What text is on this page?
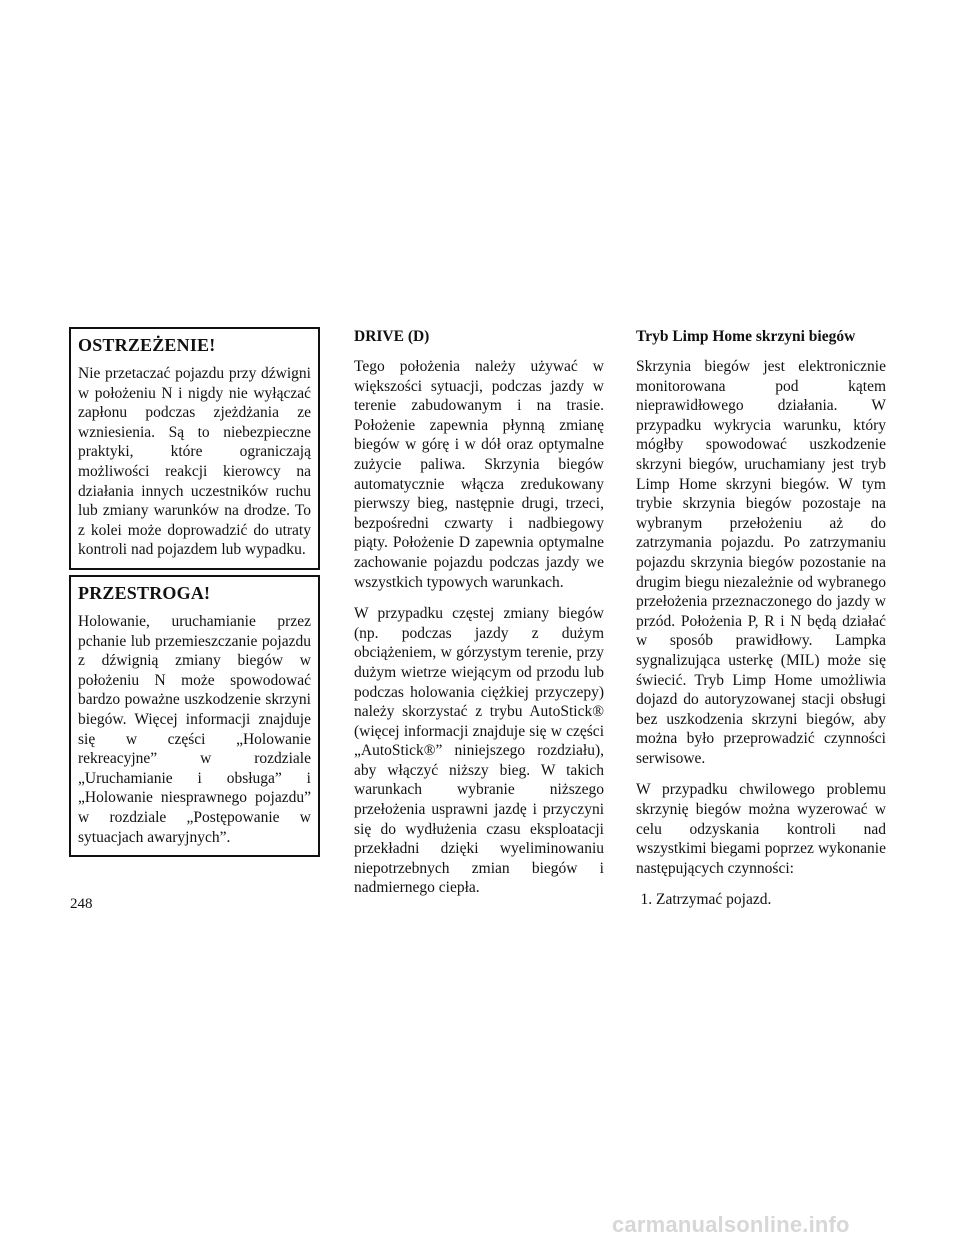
OSTRZEŻENIE!

Nie przetaczać pojazdu przy dźwigni w położeniu N i nigdy nie wyłączać zapłonu podczas zjeżdżania ze wzniesienia. Są to niebezpieczne praktyki, które ograniczają możliwości reakcji kierowcy na działania innych uczestników ruchu lub zmiany warunków na drodze. To z kolei może doprowadzić do utraty kontroli nad pojazdem lub wypadku.

PRZESTROGA!

Holowanie, uruchamianie przez pchanie lub przemieszczanie pojazdu z dźwignią zmiany biegów w położeniu N może spowodować bardzo poważne uszkodzenie skrzyni biegów. Więcej informacji znajduje się w części „Holowanie rekreacyjne” w rozdziale „Uruchamianie i obsługa” i „Holowanie niesprawnego pojazdu” w rozdziale „Postępowanie w sytuacjach awaryjnych”.

DRIVE (D)

Tego położenia należy używać w większości sytuacji, podczas jazdy w terenie zabudowanym i na trasie. Położenie zapewnia płynną zmianę biegów w górę i w dół oraz optymalne zużycie paliwa. Skrzynia biegów automatycznie włącza zredukowany pierwszy bieg, następnie drugi, trzeci, bezpośredni czwarty i nadbiegowy piąty. Położenie D zapewnia optymalne zachowanie pojazdu podczas jazdy we wszystkich typowych warunkach.

W przypadku częstej zmiany biegów (np. podczas jazdy z dużym obciążeniem, w górzystym terenie, przy dużym wietrze wiejącym od przodu lub podczas holowania ciężkiej przyczepy) należy skorzystać z trybu AutoStick® (więcej informacji znajduje się w części „AutoStick®” niniejszego rozdziału), aby włączyć niższy bieg. W takich warunkach wybranie niższego przełożenia usprawni jazdę i przyczyni się do wydłużenia czasu eksploatacji przekładni dzięki wyeliminowaniu niepotrzebnych zmian biegów i nadmiernego ciepła.

Tryb Limp Home skrzyni biegów

Skrzynia biegów jest elektronicznie monitorowana pod kątem nieprawidłowego działania. W przypadku wykrycia warunku, który mógłby spowodować uszkodzenie skrzyni biegów, uruchamiany jest tryb Limp Home skrzyni biegów. W tym trybie skrzynia biegów pozostaje na wybranym przełożeniu aż do zatrzymania pojazdu. Po zatrzymaniu pojazdu skrzynia biegów pozostanie na drugim biegu niezależnie od wybranego przełożenia przeznaczonego do jazdy w przód. Położenia P, R i N będą działać w sposób prawidłowy. Lampka sygnalizująca usterkę (MIL) może się świecić. Tryb Limp Home umożliwia dojazd do autoryzowanej stacji obsługi bez uszkodzenia skrzyni biegów, aby można było przeprowadzić czynności serwisowe.

W przypadku chwilowego problemu skrzynię biegów można wyzerować w celu odzyskania kontroli nad wszystkimi biegami poprzez wykonanie następujących czynności:

1. Zatrzymać pojazd.
248
carmanualsonline.info
